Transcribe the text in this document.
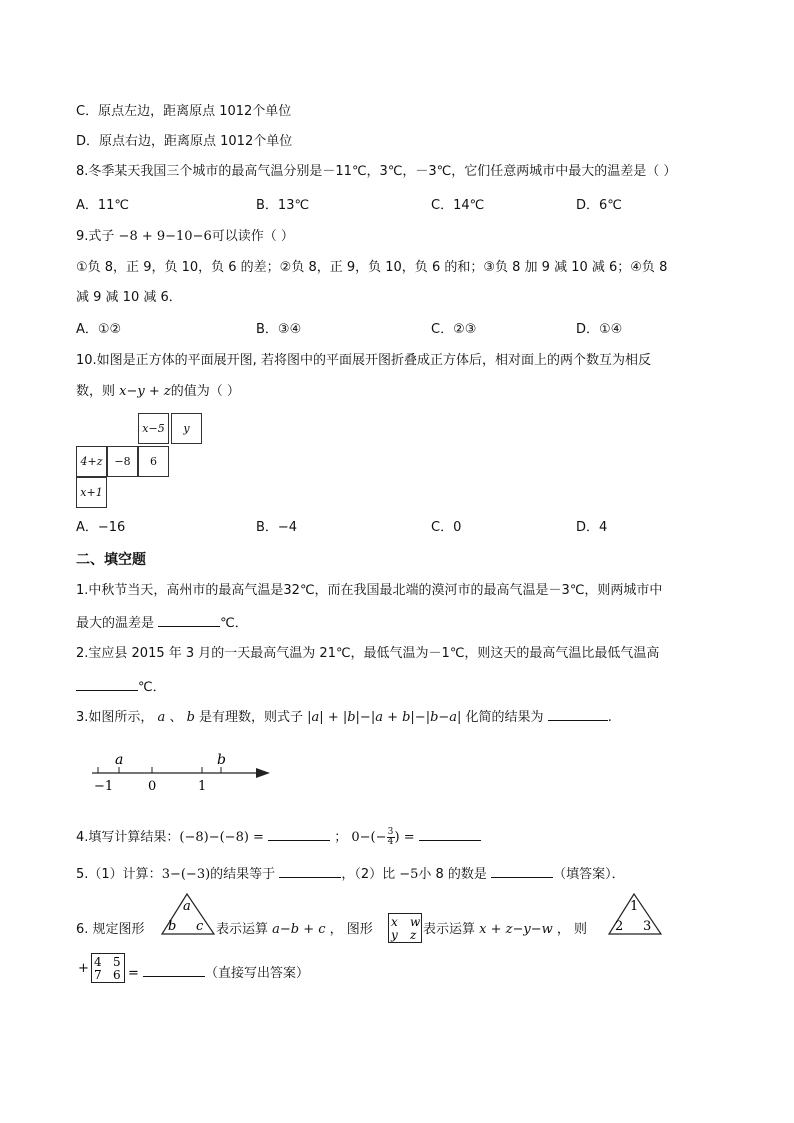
C．原点左边，距离原点 1012个单位
D．原点右边，距离原点 1012个单位
8.冬季某天我国三个城市的最高气温分别是－11℃，3℃，－3℃，它们任意两城市中最大的温差是（ ）
A．11℃	B．13℃	C．14℃	D．6℃
9.式子 −8 + 9−10−6可以读作（ ）
①负 8，正 9，负 10，负 6 的差；②负 8，正 9，负 10，负 6 的和；③负 8 加 9 减 10 减 6；④负 8
减 9 减 10 减 6．
A．①②	B．③④	C．②③	D．①④
10.如图是正方体的平面展开图, 若将图中的平面展开图折叠成正方体后，相对面上的两个数互为相反
数，则 x−y + z的值为（ ）
x−5	y
4+z	−8	6
x+1
A．−16	B．−4	C．0	D．4
二、填空题
1.中秋节当天，高州市的最高气温是32℃，而在我国最北端的漠河市的最高气温是－3℃，则两城市中
最大的温差是	℃．
2.宝应县 2015 年 3 月的一天最高气温为 21℃，最低气温为－1℃，则这天的最高气温比最低气温高
℃．
3.如图所示， a 、 b 是有理数，则式子 |a| + |b|−|a + b|−|b−a| 化简的结果为	.
−1	0	1
a	b
4.填写计算结果：(−8)−(−8) =	； $0-(- \frac{3}{4}$ ) =
5.（1）计算：3−(−3)的结果等于	，（2）比 −5小 8 的数是	（填答案）．
6. 规定图形
a
b c 表示运算 a−b + c ， 图形 x w
y z 表示运算 x + z−y−w ， 则
1
2 3
+ 4 5
7 6 =	（直接写出答案）
